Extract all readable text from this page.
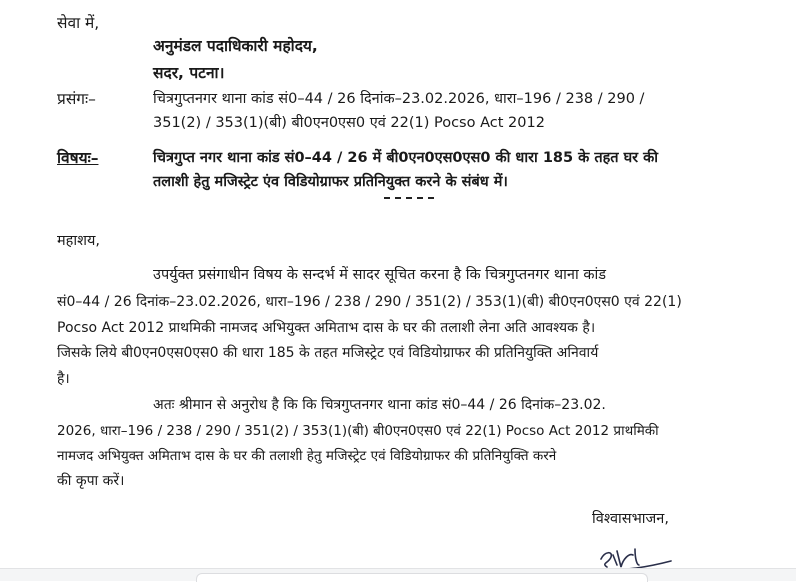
सेवा में,
अनुमंडल पदाधिकारी महोदय,
सदर, पटना।
प्रसंगः–	चित्रगुप्तनगर थाना कांड सं0–44 / 26 दिनांक–23.02.2026, धारा–196 / 238 / 290 /
351(2) / 353(1)(बी) बी0एन0एस0 एवं 22(1) Pocso Act 2012
विषयः–	चित्रगुप्त नगर थाना कांड सं0–44 / 26 में बी0एन0एस0एस0 की धारा 185 के तहत घर की
तलाशी हेतु मजिस्ट्रेट एंव विडियोग्राफर प्रतिनियुक्त करने के संबंध में।
महाशय,
उपर्युक्त प्रसंगाधीन विषय के सन्दर्भ में सादर सूचित करना है कि चित्रगुप्तनगर थाना कांड
सं0–44 / 26 दिनांक–23.02.2026, धारा–196 / 238 / 290 / 351(2) / 353(1)(बी) बी0एन0एस0 एवं 22(1)
Pocso Act 2012 प्राथमिकी नामजद अभियुक्त अमिताभ दास के घर की तलाशी लेना अति आवश्यक है।
जिसके लिये बी0एन0एस0एस0 की धारा 185 के तहत मजिस्ट्रेट एवं विडियोग्राफर की प्रतिनियुक्ति अनिवार्य
है।
अतः श्रीमान से अनुरोध है कि कि चित्रगुप्तनगर थाना कांड सं0–44 / 26 दिनांक–23.02.
2026, धारा–196 / 238 / 290 / 351(2) / 353(1)(बी) बी0एन0एस0 एवं 22(1) Pocso Act 2012 प्राथमिकी
नामजद अभियुक्त अमिताभ दास के घर की तलाशी हेतु मजिस्ट्रेट एवं विडियोग्राफर की प्रतिनियुक्ति करने
की कृपा करें।
विश्वासभाजन,
